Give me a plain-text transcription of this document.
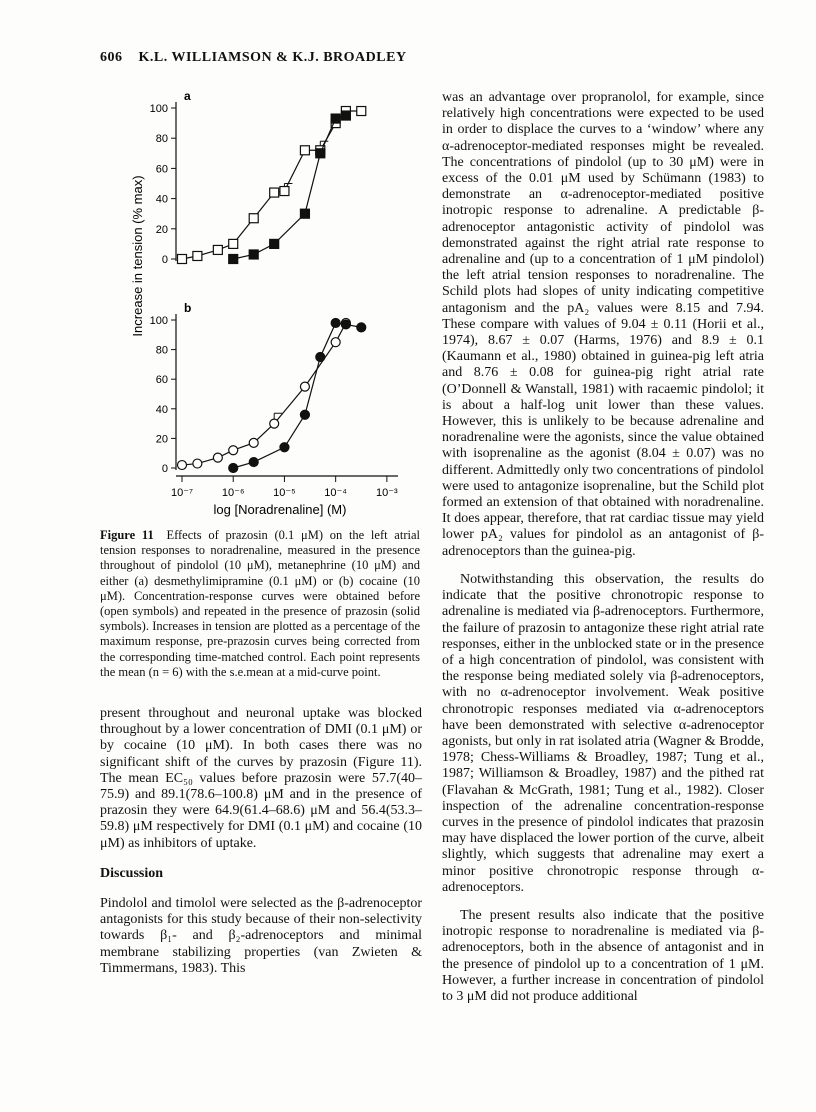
606 K.L. WILLIAMSON & K.J. BROADLEY
0
20
40
60
80
100
a
0
20
40
60
80
100
b
10⁻⁷	10⁻⁶	10⁻⁵	10⁻⁴	10⁻³
Increase in tension (% max)
log [Noradrenaline] (M)
Figure 11 Effects of prazosin (0.1 μM) on the left atrial tension responses to noradrenaline, measured in the presence throughout of pindolol (10 μM), metanephrine (10 μM) and either (a) desmethylimipramine (0.1 μM) or (b) cocaine (10 μM). Concentration-response curves were obtained before (open symbols) and repeated in the presence of prazosin (solid symbols). Increases in tension are plotted as a percentage of the maximum response, pre-prazosin curves being corrected from the corresponding time-matched control. Each point represents the mean (n = 6) with the s.e.mean at a mid-curve point.

present throughout and neuronal uptake was blocked throughout by a lower concentration of DMI (0.1 μM) or by cocaine (10 μM). In both cases there was no significant shift of the curves by prazosin (Figure 11). The mean EC₅₀ values before prazosin were 57.7(40–75.9) and 89.1(78.6–100.8) μM and in the presence of prazosin they were 64.9(61.4–68.6) μM and 56.4(53.3–59.8) μM respectively for DMI (0.1 μM) and cocaine (10 μM) as inhibitors of uptake.

Discussion

Pindolol and timolol were selected as the β-adrenoceptor antagonists for this study because of their non-selectivity towards β₁- and β₂-adrenoceptors and minimal membrane stabilizing properties (van Zwieten & Timmermans, 1983). This

was an advantage over propranolol, for example, since relatively high concentrations were expected to be used in order to displace the curves to a ‘window’ where any α-adrenoceptor-mediated responses might be revealed. The concentrations of pindolol (up to 30 μM) were in excess of the 0.01 μM used by Schümann (1983) to demonstrate an α-adrenoceptor-mediated positive inotropic response to adrenaline. A predictable β-adrenoceptor antagonistic activity of pindolol was demonstrated against the right atrial rate response to adrenaline and (up to a concentration of 1 μM pindolol) the left atrial tension responses to noradrenaline. The Schild plots had slopes of unity indicating competitive antagonism and the pA₂ values were 8.15 and 7.94. These compare with values of 9.04 ± 0.11 (Horii et al., 1974), 8.67 ± 0.07 (Harms, 1976) and 8.9 ± 0.1 (Kaumann et al., 1980) obtained in guinea-pig left atria and 8.76 ± 0.08 for guinea-pig right atrial rate (O’Donnell & Wanstall, 1981) with racaemic pindolol; it is about a half-log unit lower than these values. However, this is unlikely to be because adrenaline and noradrenaline were the agonists, since the value obtained with isoprenaline as the agonist (8.04 ± 0.07) was no different. Admittedly only two concentrations of pindolol were used to antagonize isoprenaline, but the Schild plot formed an extension of that obtained with noradrenaline. It does appear, therefore, that rat cardiac tissue may yield lower pA₂ values for pindolol as an antagonist of β-adrenoceptors than the guinea-pig.

Notwithstanding this observation, the results do indicate that the positive chronotropic response to adrenaline is mediated via β-adrenoceptors. Furthermore, the failure of prazosin to antagonize these right atrial rate responses, either in the unblocked state or in the presence of a high concentration of pindolol, was consistent with the response being mediated solely via β-adrenoceptors, with no α-adrenoceptor involvement. Weak positive chronotropic responses mediated via α-adrenoceptors have been demonstrated with selective α-adrenoceptor agonists, but only in rat isolated atria (Wagner & Brodde, 1978; Chess-Williams & Broadley, 1987; Tung et al., 1987; Williamson & Broadley, 1987) and the pithed rat (Flavahan & McGrath, 1981; Tung et al., 1982). Closer inspection of the adrenaline concentration-response curves in the presence of pindolol indicates that prazosin may have displaced the lower portion of the curve, albeit slightly, which suggests that adrenaline may exert a minor positive chronotropic response through α-adrenoceptors.

The present results also indicate that the positive inotropic response to noradrenaline is mediated via β-adrenoceptors, both in the absence of antagonist and in the presence of pindolol up to a concentration of 1 μM. However, a further increase in concentration of pindolol to 3 μM did not produce additional
